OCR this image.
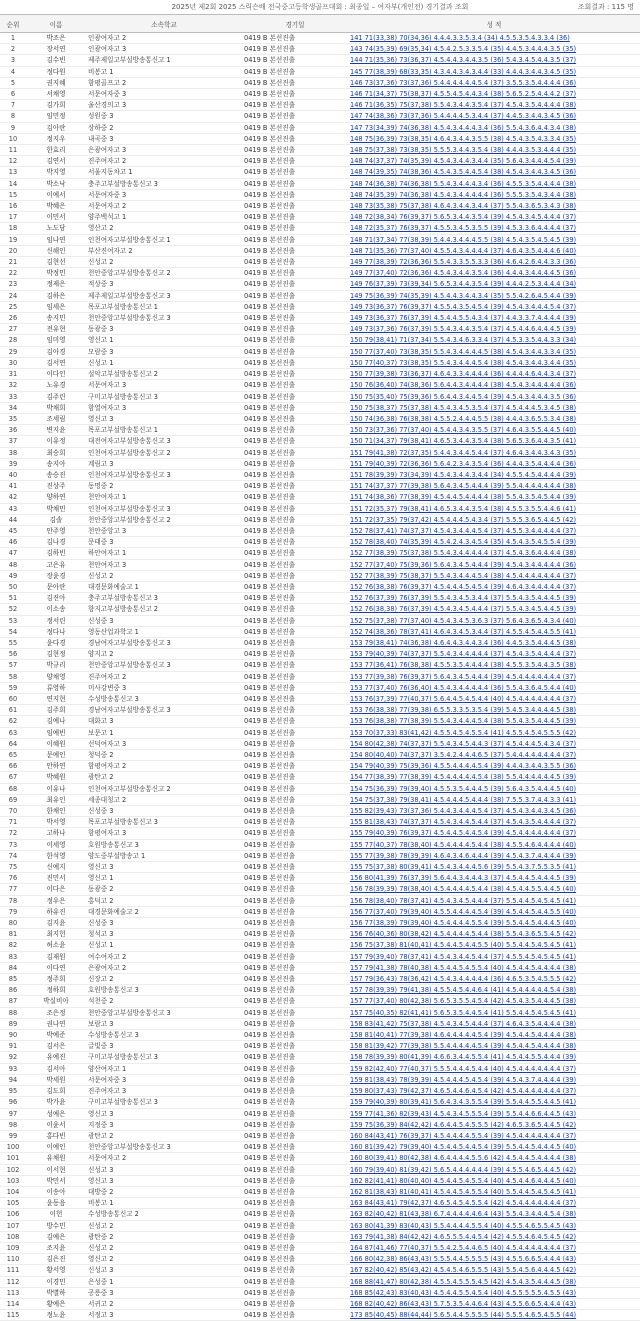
2025년 제2회 2025 스릭슨배 전국중고등학생골프대회 : 최종일 – 여자부(개인전) 경기결과 조회	조회결과 : 115 명
순위	이름	소속학교	경기일	성 적
1	박조은	인광여자고 2	0419 B 본선진출	141 71(33,38) 70(34,36) 4.4.4.3.3.5.3.4 (34) 4.5.5.3.5.4.3.3.4 (36)
2	장서연	인광여자고 3	0419 B 본선진출	143 74(35,39) 69(35,34) 4.5.4.2.5.3.3.5.4 (35) 4.4.5.3.4.4.4.3.5 (35)
3	김수빈	제주제일고부설방송통신고 1	0419 B 본선진출	144 71(35,36) 73(36,37) 4.5.4.4.3.4.4.3.5 (36) 5.4.3.4.5.4.4.3.5 (37)
4	정다원	비봉고 1	0419 B 본선진출	145 77(38,39) 68(33,35) 4.3.4.4.3.4.3.4.4 (33) 4.4.4.3.4.4.3.4.5 (35)
5	권지혜	함평골프고 2	0419 B 본선진출	146 73(37,36) 73(37,36) 5.4.4.4.4.4.4.5.4 (37) 3.5.5.3.5.4.4.4.4 (36)
6	서채영	서문여자중 3	0419 B 본선진출	146 71(34,37) 75(38,37) 4.5.5.4.5.4.4.3.4 (38) 5.6.5.2.5.4.4.4.2 (37)
7	김가희	울산경의고 3	0419 B 본선진출	146 71(36,35) 75(37,38) 5.5.4.3.4.4.3.5.4 (37) 4.5.4.3.5.4.4.4.4 (38)
8	임민정	성원중 3	0419 B 본선진출	147 74(38,36) 73(37,36) 5.4.4.4.4.5.3.4.4 (37) 4.4.5.3.4.4.3.4.5 (36)
9	김아란	상하중 2	0419 B 본선진출	147 73(34,39) 74(36,38) 4.5.4.3.4.4.4.3.4 (36) 5.5.4.3.6.4.4.3.4 (38)
10	정지우	내곡중 3	0419 B 본선진출	148 75(36,39) 73(38,35) 4.6.4.3.4.4.3.5.5 (38) 4.5.4.3.5.4.3.3.4 (35)
11	한효리	은광여자고 3	0419 B 본선진출	148 75(37,38) 73(38,35) 5.5.5.3.4.4.3.5.4 (38) 4.4.4.3.5.3.4.4.4 (35)
12	김연서	진주여자고 2	0419 B 본선진출	148 74(37,37) 74(35,39) 4.5.4.3.4.4.3.4.4 (35) 5.6.4.3.4.4.4.5.4 (39)
13	박지영	서울지동차고 1	0419 B 본선진출	148 74(39,35) 74(38,36) 4.5.4.3.5.4.4.5.4 (38) 4.5.4.3.4.4.3.4.5 (36)
14	박소낙	충주고부설방송통신고 3	0419 B 본선진출	148 74(36,38) 74(36,38) 5.5.4.3.4.4.4.3.4 (36) 4.5.5.3.5.4.4.4.4 (38)
15	이예서	서문여자중 3	0419 B 본선진출	148 74(35,39) 74(36,38) 4.5.4.3.4.4.4.4.4 (36) 5.5.5.3.5.4.3.4.4 (38)
16	박혜은	서문여자고 2	0419 B 본선진출	148 73(35,38) 75(37,38) 4.6.4.3.4.4.3.4.4 (37) 5.5.4.3.6.5.3.4.3 (38)
17	이민서	양주백석고 1	0419 B 본선진출	148 72(38,34) 76(39,37) 5.6.5.3.4.4.3.5.4 (39) 4.5.4.3.4.5.4.4.4 (37)
18	노도담	영산고 2	0419 B 본선진출	148 72(35,37) 76(39,37) 4.5.5.3.4.5.3.5.5 (39) 4.5.3.3.6.4.4.4.4 (37)
19	임나연	인천여자고부설방송통신고 1	0419 B 본선진출	148 71(37,34) 77(38,39) 5.4.4.3.4.4.4.5.5 (38) 4.5.4.3.5.4.5.4.5 (39)
20	신해인	부산진여자고 2	0419 B 본선진출	148 71(35,36) 77(37,40) 4.5.5.4.3.4.4.4.4 (37) 4.6.4.3.5.4.4.4.6 (40)
21	김현선	신성고 2	0419 B 본선진출	149 77(38,39) 72(36,36) 5.5.4.3.3.5.5.3.3 (36) 4.6.4.2.6.4.4.3.3 (36)
22	박정민	천안중앙고부설방송통신고 2	0419 B 본선진출	149 77(37,40) 72(36,36) 4.5.4.3.4.4.3.5.4 (36) 4.4.4.3.4.4.4.4.5 (36)
23	정제은	적상중 3	0419 B 본선진출	149 76(37,39) 73(39,34) 5.6.5.3.4.4.3.5.4 (39) 4.4.4.2.5.3.4.4.4 (34)
24	김하은	제주제일고부설방송통신고 3	0419 B 본선진출	149 75(36,39) 74(35,39) 4.5.4.4.3.4.4.3.4 (35) 5.5.4.2.6.4.5.4.4 (39)
25	임세은	목포고부설방송통신고 1	0419 B 본선진출	149 73(36,37) 76(39,37) 4.5.5.4.3.5.4.5.4 (39) 4.5.4.3.4.4.4.5.4 (37)
26	송지민	천안중앙고부설방송통신고 3	0419 B 본선진출	149 73(36,37) 76(37,39) 4.5.4.4.5.5.4.3.4 (37) 4.4.3.3.7.4.4.4.4 (39)
27	전유현	동광중 3	0419 B 본선진출	149 73(37,36) 76(37,39) 5.5.4.3.4.4.3.5.4 (37) 4.5.4.4.6.4.4.4.5 (39)
28	임미영	영신고 1	0419 B 본선진출	150 79(38,41) 71(37,34) 5.5.4.3.4.6.3.3.4 (37) 4.5.3.3.5.4.4.3.3 (34)
29	김아경	모람중 3	0419 B 본선진출	150 77(37,40) 73(38,35) 5.5.4.3.4.4.4.4.5 (38) 4.5.4.3.4.4.3.3.4 (35)
30	김서연	신성고 1	0419 B 본선진출	150 77(40,37) 73(38,35) 5.5.4.3.4.4.4.5.4 (38) 4.5.4.3.4.4.3.4.4 (35)
31	이다인	설악고부설방송통신고 2	0419 B 본선진출	150 77(39,38) 73(36,37) 4.6.4.3.3.4.4.4.4 (36) 4.4.4.4.6.4.4.3.4 (37)
32	노유경	서문여자고 3	0419 B 본선진출	150 76(36,40) 74(38,36) 5.6.4.4.3.4.4.4.4 (38) 4.5.4.3.4.4.4.4.4 (36)
33	김주린	구미고부설방송통신고 3	0419 B 본선진출	150 75(35,40) 75(39,36) 5.6.4.4.3.4.4.5.4 (39) 4.5.4.3.4.4.4.3.5 (36)
34	박채희	함열여자고 3	0419 B 본선진출	150 75(38,37) 75(37,38) 4.5.4.3.4.5.3.5.4 (37) 4.5.4.4.4.5.3.4.5 (38)
35	조세림	영신고 3	0419 B 본선진출	150 74(36,38) 76(38,38) 4.5.5.2.4.4.4.5.5 (38) 4.4.4.3.6.5.5.3.4 (38)
36	변지윤	목포고부설방송통신고 1	0419 B 본선진출	150 73(37,36) 77(37,40) 4.5.4.4.3.4.3.5.5 (37) 4.6.4.3.5.5.4.4.5 (40)
37	이유정	대전여자고부설방송통신고 3	0419 B 본선진출	150 71(34,37) 79(38,41) 4.6.5.3.4.4.3.5.4 (38) 5.6.5.3.6.4.4.3.5 (41)
38	최승희	인천여자고부설방송통신고 2	0419 B 본선진출	151 79(41,38) 72(37,35) 5.4.4.3.4.4.5.4.4 (37) 4.6.4.3.4.4.3.4.3 (35)
39	송지아	계림고 3	0419 B 본선진출	151 79(40,39) 72(36,36) 5.6.4.2.3.4.3.5.4 (36) 4.4.4.3.5.4.4.4.4 (36)
40	송승진	인천여자고부설방송통신고 3	0419 B 본선진출	151 78(39,39) 73(34,39) 4.5.4.3.4.4.3.4.4 (34) 4.5.5.4.5.4.4.4.4 (39)
41	진상주	동명중 2	0419 B 본선진출	151 74(37,37) 77(39,38) 5.6.4.3.4.5.4.4.4 (39) 5.5.4.4.4.4.4.4.4 (38)
42	양하연	천안여자고 1	0419 B 본선진출	151 74(38,36) 77(38,39) 4.5.4.4.5.4.4.4.4 (38) 5.5.4.3.5.4.5.4.4 (39)
43	박채민	인천여자고부설방송통신고 3	0419 B 본선진출	151 72(35,37) 79(38,41) 4.6.5.3.4.4.3.5.4 (38) 4.5.5.3.5.5.4.4.6 (41)
44	김솔	천안중앙고부설방송통신고 2	0419 B 본선진출	151 72(37,35) 79(37,42) 4.5.4.4.4.5.4.3.4 (37) 5.5.5.3.6.5.4.4.5 (42)
45	안주영	천안중앙고 3	0419 B 본선진출	152 78(37,41) 74(37,37) 4.5.4.3.4.4.4.5.4 (37) 4.5.5.3.4.4.4.4.4 (37)
46	김나경	문태중 3	0419 B 본선진출	152 78(38,40) 74(35,39) 4.5.4.2.4.3.4.5.4 (35) 4.5.4.3.5.4.5.5.4 (39)
47	김하빈	하안여자고 1	0419 B 본선진출	152 77(38,39) 75(37,38) 5.5.4.3.4.4.4.4.4 (37) 4.5.4.3.6.4.4.4.4 (38)
48	고은유	천안여자고 3	0419 B 본선진출	152 77(37,40) 75(39,36) 5.6.4.3.4.5.4.4.4 (39) 4.5.4.3.4.4.4.4.4 (36)
49	장윤경	신성고 2	0419 B 본선진출	152 77(38,39) 75(38,37) 5.5.4.3.4.4.4.5.4 (38) 4.5.4.4.4.4.4.4.4 (37)
50	문아란	대경문화예술고 1	0419 B 본선진출	152 76(38,38) 76(39,37) 4.5.4.4.4.5.4.5.4 (39) 4.6.4.3.4.4.4.4.4 (37)
51	김진아	충주고부설방송통신고 3	0419 B 본선진출	152 76(37,39) 76(37,39) 5.5.4.3.4.5.3.4.4 (37) 5.5.4.3.5.4.4.4.5 (39)
52	이소송	향지고부설방송통신고 2	0419 B 본선진출	152 76(38,38) 76(37,39) 4.5.4.3.4.5.4.4.4 (37) 5.5.4.3.4.5.4.4.5 (39)
53	정서린	신성중 3	0419 B 본선진출	152 75(37,38) 77(37,40) 4.5.4.3.4.5.3.6.3 (37) 5.6.4.3.6.5.4.3.4 (40)
54	정다나	영동산업과학고 1	0419 B 본선진출	152 74(38,36) 78(37,41) 4.6.4.3.4.5.3.4.4 (37) 4.5.5.4.5.4.4.5.5 (41)
55	윤다경	경남여자고부설방송통신고 3	0419 B 본선진출	153 79(38,41) 74(36,38) 4.6.4.4.3.4.4.3.4 (36) 4.4.5.3.5.4.4.4.5 (38)
56	김현정	양지고 2	0419 B 본선진출	153 79(40,39) 74(37,37) 5.5.4.3.4.4.4.4.4 (37) 4.5.4.3.5.4.4.4.4 (37)
57	박규리	천안중앙고부설방송통신고 3	0419 B 본선진출	153 77(36,41) 76(38,38) 4.5.5.3.5.4.4.4.4 (38) 4.5.5.3.5.4.4.3.5 (38)
58	양채영	진주여자고 2	0419 B 본선진출	153 77(39,38) 76(39,37) 5.6.4.3.4.5.4.4.4 (39) 4.5.4.4.4.4.4.4.4 (37)
59	류영하	미사강변중 3	0419 B 본선진출	153 77(37,40) 76(36,40) 4.5.4.3.4.4.4.4.4 (36) 5.5.4.3.6.4.5.4.4 (40)
60	연지현	수성방송통신고 3	0419 B 본선진출	153 76(37,39) 77(40,37) 5.6.4.4.5.4.5.4.4 (40) 4.5.4.4.4.4.4.4.4 (37)
61	김주희	경남여자고부설방송통신고 3	0419 B 본선진출	153 76(38,38) 77(39,38) 6.5.5.3.3.5.3.5.4 (39) 5.4.5.3.4.4.4.4.5 (38)
62	김예나	대화고 3	0419 B 본선진출	153 76(38,38) 77(38,39) 5.5.4.3.4.4.4.5.4 (38) 5.5.4.3.5.4.4.4.5 (39)
63	임예빈	보문고 1	0419 B 본선진출	153 70(37,33) 83(41,42) 4.5.5.4.5.4.5.5.4 (41) 4.5.5.4.5.4.5.5.5 (42)
64	이혜원	선덕여자고 3	0419 B 본선진출	154 80(42,38) 74(37,37) 5.5.4.3.4.5.4.4.3 (37) 4.5.4.4.4.5.4.3.4 (37)
65	문예인	청덕중 2	0419 B 본선진출	154 80(40,40) 74(37,37) 3.5.4.2.4.4.4.6.5 (37) 5.4.4.4.4.4.4.4.4 (37)
66	안하연	함평여자고 2	0419 B 본선진출	154 79(40,39) 75(39,36) 4.5.5.4.4.4.4.5.4 (39) 4.4.4.3.4.4.3.5.5 (36)
67	박혜원	광탄고 2	0419 B 본선진출	154 77(38,39) 77(38,39) 4.5.4.4.4.4.4.5.4 (38) 5.5.4.4.4.4.4.4.5 (39)
68	이유나	인천여자고부설방송통신고 2	0419 B 본선진출	154 75(36,39) 79(39,40) 4.5.5.3.5.4.4.4.5 (39) 5.6.4.3.5.4.4.4.5 (40)
69	최유인	세종대청고 2	0419 B 본선진출	154 75(37,38) 79(38,41) 4.5.4.4.4.5.4.4.4 (38) 7.5.5.3.7.4.4.3.3 (41)
70	한채인	신성중 3	0419 B 본선진출	155 82(39,43) 73(37,36) 5.4.4.3.4.4.4.5.4 (37) 4.5.4.3.4.4.3.4.5 (36)
71	박서영	목포고부설방송통신고 3	0419 B 본선진출	155 81(38,43) 74(37,37) 4.5.4.3.4.4.5.4.4 (37) 4.5.4.3.5.4.4.4.4 (37)
72	고하나	함평여자고 3	0419 B 본선진출	155 79(40,39) 76(39,37) 4.5.4.4.5.4.4.5.4 (39) 4.5.4.4.4.4.4.4.4 (37)
73	이세영	호원방송통신고 3	0419 B 본선진출	155 77(40,37) 78(38,40) 4.5.4.4.4.4.5.4.4 (38) 4.5.5.4.6.4.4.4.4 (40)
74	한석영	양도중부설방송고 1	0419 B 본선진출	155 77(39,38) 78(39,39) 4.6.4.3.4.6.4.4.4 (39) 4.5.4.3.7.4.4.4.4 (39)
75	신예지	영신고 3	0419 B 본선진출	155 75(37,38) 80(39,41) 4.5.4.3.4.4.4.5.6 (39) 5.5.4.3.7.5.5.3.5 (41)
76	진민서	영신고 1	0419 B 본선진출	156 80(41,39) 76(37,39) 5.6.4.4.3.4.4.4.3 (37) 4.5.4.4.5.4.4.4.5 (39)
77	이다은	동광중 2	0419 B 본선진출	156 78(39,39) 78(38,40) 4.5.4.4.4.4.5.4.4 (38) 4.5.4.4.5.5.4.4.5 (40)
78	정우은	홍덕고 2	0419 B 본선진출	156 78(38,40) 78(37,41) 4.5.4.3.4.5.4.4.4 (37) 5.5.4.4.5.4.5.4.5 (41)
79	하유진	대경문화예술고 2	0419 B 본선진출	156 77(37,40) 79(39,40) 4.5.5.4.4.4.4.5.4 (39) 4.5.4.4.5.4.4.5.5 (40)
80	김지윤	신성중 3	0419 B 본선진출	156 77(38,39) 79(39,40) 4.5.4.4.4.4.5.5.4 (39) 5.5.4.4.5.4.4.4.5 (40)
81	최지헌	청석고 3	0419 B 본선진출	156 76(40,36) 80(38,42) 4.5.4.4.4.4.5.4.4 (38) 5.5.4.3.6.5.5.4.5 (42)
82	허소윤	신성고 1	0419 B 본선진출	156 75(37,38) 81(40,41) 4.5.4.4.5.4.4.5.5 (40) 5.5.4.4.5.4.5.4.5 (41)
83	김재원	여수여자고 2	0419 B 본선진출	157 79(39,40) 78(37,41) 4.5.4.3.4.4.5.4.4 (37) 4.5.5.4.5.4.5.4.5 (41)
84	이다연	은광여자고 2	0419 B 본선진출	157 79(41,38) 78(40,38) 4.5.4.4.5.4.5.5.4 (40) 4.5.4.4.5.4.4.4.4 (38)
85	정주희	신장고 2	0419 B 본선진출	157 79(36,43) 78(36,42) 4.5.4.3.4.4.4.4.4 (36) 4.6.5.3.5.4.5.5.5 (42)
86	정하희	호원방송통신고 3	0419 B 본선진출	157 78(39,39) 79(41,38) 4.5.5.4.5.4.4.6.4 (41) 4.5.4.4.4.4.4.5.4 (38)
87	박실비아	석천중 2	0419 B 본선진출	157 77(37,40) 80(42,38) 5.6.5.3.5.5.4.5.4 (42) 4.5.4.3.5.4.4.4.5 (38)
88	조은정	천안중앙고부설방송통신고 3	0419 B 본선진출	157 75(40,35) 82(41,41) 5.6.5.3.5.4.4.5.4 (41) 5.5.4.4.5.4.5.4.5 (41)
89	권나연	보람고 3	0419 B 본선진출	158 83(41,42) 75(37,38) 4.5.4.3.4.5.4.4.4 (37) 4.6.4.3.5.4.4.4.4 (38)
90	박예준	수성방송통신고 3	0419 B 본선진출	158 81(40,41) 77(39,38) 4.6.4.4.4.4.4.5.4 (39) 4.5.4.4.5.4.4.4.4 (38)
91	김서은	글빛중 3	0419 B 본선진출	158 81(39,42) 77(39,38) 5.5.4.4.4.4.4.5.4 (39) 4.5.4.4.5.4.4.4.4 (38)
92	유예진	구미고부설방송통신고 3	0419 B 본선진출	158 78(39,39) 80(41,39) 4.6.6.3.4.4.5.5.4 (41) 4.5.4.4.5.5.4.4.4 (39)
93	김서아	양산여자고 1	0419 B 본선진출	159 82(42,40) 77(40,37) 5.5.5.4.4.4.5.4.4 (40) 4.5.4.4.4.4.4.4.4 (37)
94	박세원	서문여자중 3	0419 B 본선진출	159 81(38,43) 78(39,39) 4.5.4.4.4.5.4.5.4 (39) 4.5.4.3.7.4.4.4.4 (39)
95	김도희	진주여자고 3	0419 B 본선진출	159 80(37,43) 79(42,37) 4.6.5.4.4.6.4.5.4 (42) 4.5.4.4.4.4.4.4.4 (37)
96	박가윤	구미고부설방송통신고 3	0419 B 본선진출	159 79(40,39) 80(39,41) 5.6.4.3.4.3.5.5.4 (39) 5.5.4.4.5.5.4.4.5 (41)
97	성예은	영신고 3	0419 B 본선진출	159 77(41,36) 82(39,43) 4.5.4.3.4.5.5.5.4 (39) 5.5.4.4.6.6.4.4.5 (43)
98	이윤서	지정중 3	0419 B 본선진출	159 75(36,39) 84(42,42) 4.6.4.4.5.4.5.5.5 (42) 4.6.5.3.6.5.4.4.5 (42)
99	홍다빈	광탄고 2	0419 B 본선진출	160 84(43,41) 76(39,37) 4.5.4.4.4.4.5.5.4 (39) 4.5.4.4.4.4.4.4.4 (37)
100	이예인	천안중앙고부설방송통신고 3	0419 B 본선진출	160 81(39,42) 79(39,40) 4.5.4.4.5.4.4.5.4 (39) 5.5.4.4.5.4.4.4.5 (40)
101	유채원	서문여자고 2	0419 B 본선진출	160 80(39,41) 80(42,38) 4.6.4.4.4.4.5.5.6 (42) 4.5.4.4.5.4.4.4.4 (38)
102	이서현	신성고 3	0419 B 본선진출	160 79(39,40) 81(39,42) 5.6.5.4.4.4.4.4.4 (39) 4.5.5.4.6.5.4.4.5 (42)
103	박민서	영신고 3	0419 B 본선진출	162 82(41,41) 80(40,40) 4.5.4.4.5.4.5.5.4 (40) 4.5.4.4.6.4.4.4.5 (40)
104	이송아	대방중 2	0419 B 본선진출	162 81(38,43) 81(40,41) 4.5.4.4.5.4.5.5.4 (40) 5.5.4.4.5.4.5.4.5 (41)
105	윤동음	비봉고 1	0419 B 본선진출	163 84(43,41) 79(42,37) 4.6.5.4.5.4.5.5.4 (42) 4.5.4.4.4.4.4.4.4 (37)
106	이헌	수성방송통신고 2	0419 B 본선진출	163 82(40,42) 81(43,38) 6.7.4.4.4.4.4.6.4 (43) 5.5.4.3.4.4.4.5.4 (38)
107	방수민	신성고 2	0419 B 본선진출	163 80(41,39) 83(40,43) 5.5.4.4.4.4.5.5.4 (40) 4.5.5.4.6.5.5.4.5 (43)
108	김예은	광탄중 2	0419 B 본선진출	163 79(41,38) 84(42,42) 4.6.5.5.5.4.4.5.4 (42) 4.5.5.4.6.4.5.4.5 (42)
109	조지윤	신성고 2	0419 B 본선진출	164 87(41,46) 77(40,37) 5.5.4.2.5.4.4.6.5 (40) 4.5.4.4.4.4.4.4.4 (37)
110	김은진	영신고 2	0419 B 본선진출	166 80(42,38) 86(43,43) 5.5.5.4.4.5.5.5.5 (43) 4.5.5.6.6.5.4.4.4 (43)
111	황서영	신성고 3	0419 B 본선진출	167 82(40,42) 85(43,42) 4.5.4.5.4.6.5.5.5 (43) 5.5.4.5.6.4.4.4.5 (42)
112	이경민	은성중 1	0419 B 본선진출	168 88(41,47) 80(42,38) 4.5.5.4.5.5.5.4.5 (42) 4.5.4.3.5.4.4.4.5 (38)
113	박별하	공릉중 3	0419 B 본선진출	168 85(42,43) 83(40,43) 4.5.4.4.5.5.4.5.4 (40) 4.5.5.5.5.5.4.5.5 (43)
114	황예은	서귀고 2	0419 B 본선진출	168 82(40,42) 86(43,43) 5.7.5.3.5.4.4.6.4 (43) 4.5.5.6.6.5.4.4.4 (43)
115	정노윤	서정고 3	0419 B 본선진출	173 85(40,45) 88(44,44) 5.6.5.4.4.5.5.5.5 (44) 5.5.5.4.6.5.4.5.5 (44)
